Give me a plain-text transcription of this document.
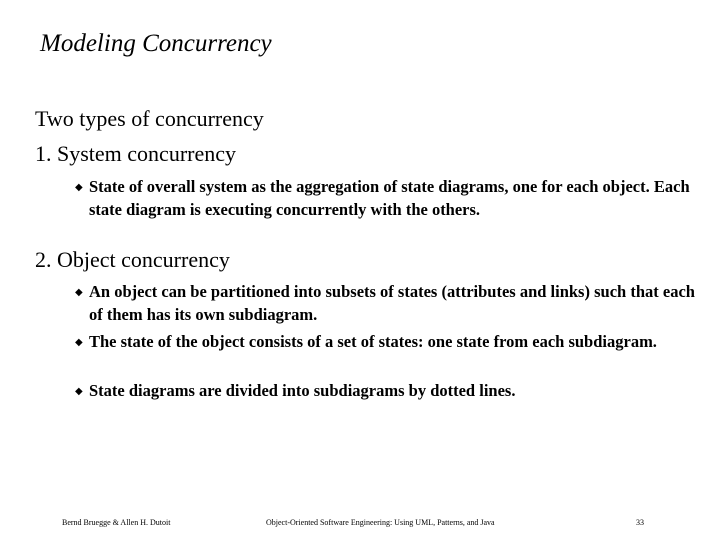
Modeling Concurrency
Two types of concurrency
1. System concurrency
◆ State of overall system as the aggregation of state diagrams, one for each object. Each state diagram is executing concurrently with the others.
2. Object concurrency
◆ An object can be partitioned into subsets of states (attributes and links) such that each of them has its own subdiagram.
◆ The state of the object consists of a set of states: one state from each subdiagram.
◆ State diagrams are divided into subdiagrams by dotted lines.
Bernd Bruegge & Allen H. Dutoit	Object-Oriented Software Engineering: Using UML, Patterns, and Java	33
